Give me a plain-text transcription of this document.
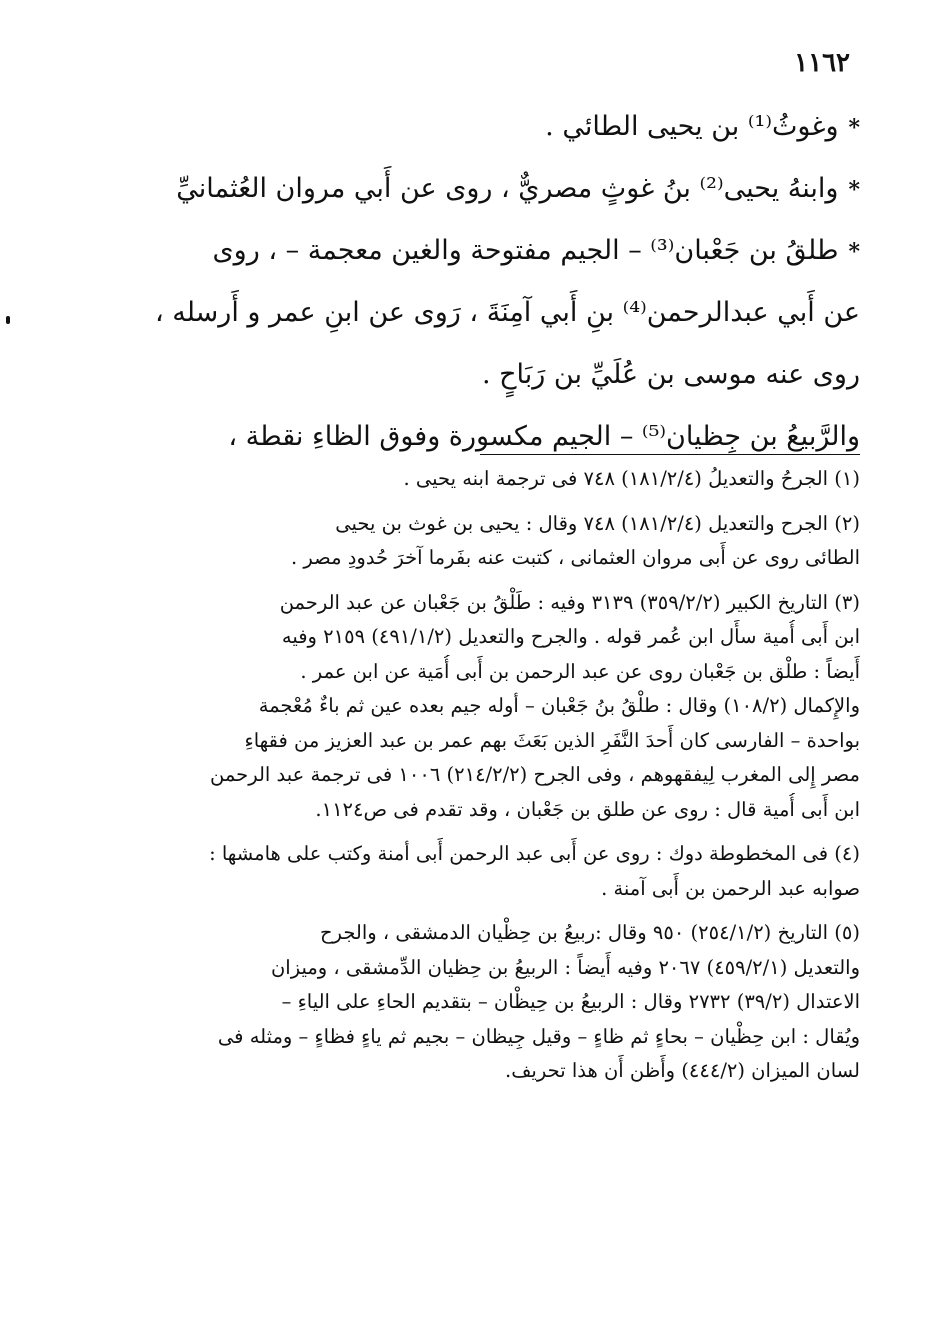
١١٦٢
*وغوثُ⁽¹⁾ بن يحيى الطائي .
*وابنهُ يحيى⁽²⁾ بنُ غوثٍ مصريٌّ ، روى عن أَبي مروان العُثمانيِّ
*طلقُ بن جَعْبان⁽³⁾ – الجيم مفتوحة والغين معجمة – ، روى
عن أَبي عبدالرحمن⁽⁴⁾ بنِ أَبي آمِنَةَ ، رَوى عن ابنِ عمر و أَرسله ،
روى عنه موسى بن عُلَيِّ بن رَبَاحٍ .
والرَّبيعُ بن جِظيان⁽⁵⁾ – الجيم مكسورة وفوق الظاءِ نقطة ،
(١) الجرحُ والتعديلُ (١٨١/٢/٤) ٧٤٨ فى ترجمة ابنه يحيى .
(٢) الجرح والتعديل (١٨١/٢/٤) ٧٤٨ وقال : يحيى بن غوث بن يحيى
الطائى روى عن أَبى مروان العثمانى ، كتبت عنه بفَرما آخرَ حُدودِ مصر .
(٣) التاريخ الكبير (٣٥٩/٢/٢) ٣١٣٩ وفيه : طَلْقُ بن جَعْبان عن عبد الرحمن
ابن أَبى أُمية سأَل ابن عُمر قوله . والجرح والتعديل (٤٩١/١/٢) ٢١٥٩ وفيه
أَيضاً : طلْق بن جَعْبان روى عن عبد الرحمن بن أَبى أُمَية عن ابن عمر .
والإِكمال (١٠٨/٢) وقال : طلْقُ بنُ جَعْبان – أوله جيم بعده عين ثم باءٌ مُعْجمة
بواحدة – الفارسى كان أَحدَ النَّفَرِ الذين بَعَثَ بهم عمر بن عبد العزيز من فقهاءِ
مصر إِلى المغرب لِيفقهوهم ، وفى الجرح (٢١٤/٢/٢) ١٠٠٦ فى ترجمة عبد الرحمن
ابن أَبى أُمية قال : روى عن طلق بن جَعْبان ، وقد تقدم فى ص١١٢٤.
(٤) فى المخطوطة دوك : روى عن أَبى عبد الرحمن أَبى أمنة وكتب على هامشها :
صوابه عبد الرحمن بن أَبى آمنة .
(٥) التاريخ (٢٥٤/١/٢) ٩٥٠ وقال :ربيعُ بن حِظْيان الدمشقى ، والجرح
والتعديل (٤٥٩/٢/١) ٢٠٦٧ وفيه أَيضاً : الربيعُ بن حِظيان الدِّمشقى ، وميزان
الاعتدال (٣٩/٢) ٢٧٣٢ وقال : الربيعُ بن حِيظْان – بتقديم الحاءِ على الياءِ –
ويُقال : ابن حِظْيان – بحاءٍ ثم ظاءٍ – وقيل جِيظان – بجيم ثم ياءٍ فظاءٍ – ومثله فى
لسان الميزان (٤٤٤/٢) وأَظن أَن هذا تحريف.
